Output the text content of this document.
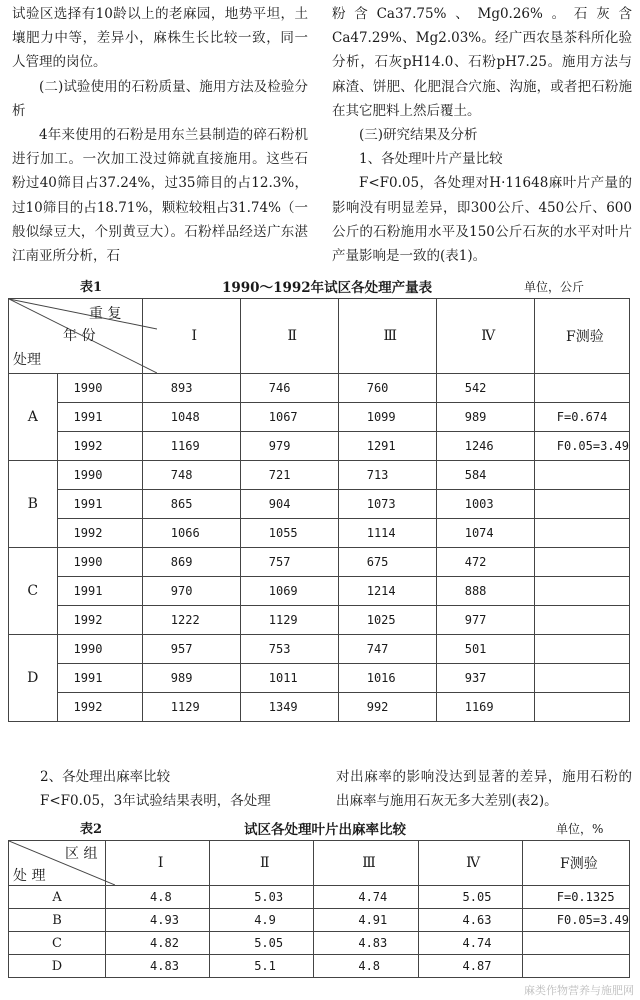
试验区选择有10龄以上的老麻园，地势平坦，土壤肥力中等，差异小，麻株生长比较一致，同一人管理的岗位。

(二)试验使用的石粉质量、施用方法及检验分析

4年来使用的石粉是用东兰县制造的碎石粉机进行加工。一次加工没过筛就直接施用。这些石粉过40筛目占37.24%，过35筛目的占12.3%，过10筛目的占18.71%，颗粒较粗占31.74%（一般似绿豆大，个别黄豆大）。石粉样品经送广东湛江南亚所分析，石

粉含Ca37.75%、Mg0.26%。石灰含Ca47.29%、Mg2.03%。经广西农垦茶科所化验分析，石灰pH14.0、石粉pH7.25。施用方法与麻渣、饼肥、化肥混合穴施、沟施，或者把石粉施在其它肥料上然后覆土。

(三)研究结果及分析

1、各处理叶片产量比较

F<F0.05，各处理对H·11648麻叶片产量的影响没有明显差异，即300公斤、450公斤、600公斤的石粉施用水平及150公斤石灰的水平对叶片产量影响是一致的(表1)。

表1	1990～1992年试区各处理产量表	单位，公斤
重 复
年 份
处理		Ⅰ	Ⅱ	Ⅲ	Ⅳ	F测验
A	1990	893	746	760	542	
	1991	1048	1067	1099	989	F=0.674
	1992	1169	979	1291	1246	F0.05=3.49
B	1990	748	721	713	584	
	1991	865	904	1073	1003	
	1992	1066	1055	1114	1074	
C	1990	869	757	675	472	
	1991	970	1069	1214	888	
	1992	1222	1129	1025	977	
D	1990	957	753	747	501	
	1991	989	1011	1016	937	
	1992	1129	1349	992	1169	

2、各处理出麻率比较

F<F0.05，3年试验结果表明，各处理

对出麻率的影响没达到显著的差异，施用石粉的出麻率与施用石灰无多大差别(表2)。

表2	试区各处理叶片出麻率比较	单位，%
区 组
处 理	Ⅰ	Ⅱ	Ⅲ	Ⅳ	F测验
A	4.8	5.03	4.74	5.05	F=0.1325
B	4.93	4.9	4.91	4.63	F0.05=3.49
C	4.82	5.05	4.83	4.74	
D	4.83	5.1	4.8	4.87	
麻类作物营养与施肥网
